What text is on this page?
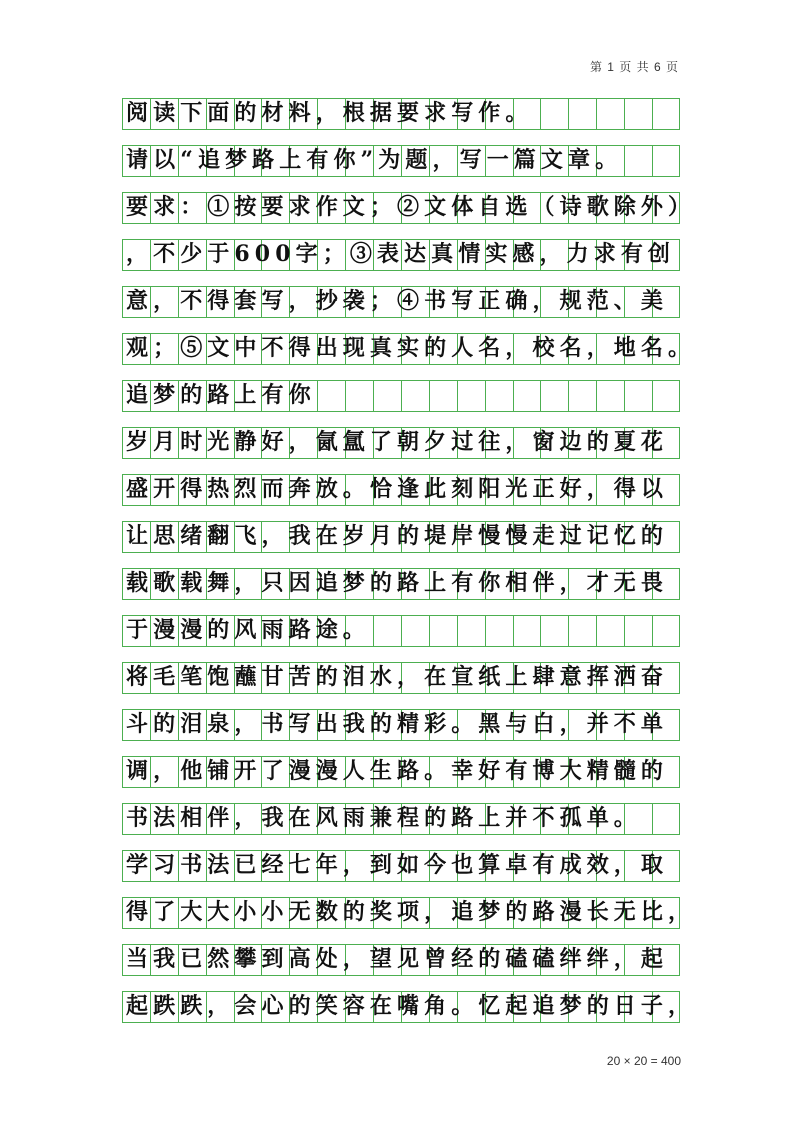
第 1 页 共 6 页
阅读下面的材料，根据要求写作。
请以“追梦路上有你”为题，写一篇文章。
要求：①按要求作文；②文体自选（诗歌除外）
，不少于600字；③表达真情实感，力求有创
意，不得套写，抄袭；④书写正确，规范、美
观；⑤文中不得出现真实的人名，校名，地名。
追梦的路上有你
岁月时光静好，氤氲了朝夕过往，窗边的夏花
盛开得热烈而奔放。恰逢此刻阳光正好，得以
让思绪翻飞，我在岁月的堤岸慢慢走过记忆的
载歌载舞，只因追梦的路上有你相伴，才无畏
于漫漫的风雨路途。
将毛笔饱蘸甘苦的泪水，在宣纸上肆意挥洒奋
斗的泪泉，书写出我的精彩。黑与白，并不单
调，他铺开了漫漫人生路。幸好有博大精髓的
书法相伴，我在风雨兼程的路上并不孤单。
学习书法已经七年，到如今也算卓有成效，取
得了大大小小无数的奖项，追梦的路漫长无比，
当我已然攀到高处，望见曾经的磕磕绊绊，起
起跌跌，会心的笑容在嘴角。忆起追梦的日子，
20 × 20 = 400
